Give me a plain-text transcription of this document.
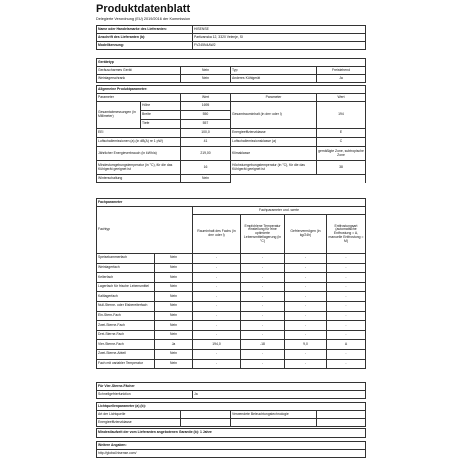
Produktdatenblatt
Delegierte Verordnung (EU) 2019/2016 der Kommission
Name oder Handelsmarke des Lieferanten:	HISENSE
Anschrift des Lieferanten (b):	Partizanska 12, 3320 Velenje, SI
Modellkennung:	FV245N4AW2
Gerätetyp			
Geräuscharmes Gerät	Nein	Typ	Freistehend
Weinlagerschrank	Nein	Anderes Kühlgerät	Ja
Allgemeine Produktparameter:				
Parameter		Wert	Parameter	Wert
Gesamtabmessungen (in Millimeter)	Höhe	1695	Gesamtrauminhalt (in dm³ oder l)	194
	Breite	550		
	Tiefe	557		
EEI		100,0	Energieeffizienzklasse	E
Luftschallemissionen (a) (in dB(A) re 1 pW)		41	Luftschallemissionsklasse (a)	C
Jährlicher Energieverbrauch (in kWh/a)		219,00	Klimaklasse	gemäßigte Zone, subtropische Zone
Mindestumgebungstemperatur (in °C), für die das Kühlgerät geeignet ist		16	Höchstumgebungstemperatur (in °C), für die das Kühlgerät geeignet ist	38
Winterschaltung		Nein		
Fachparameter					
Fachtyp		Fachparameter und -werte			
		Rauminhalt des Fachs (in dm³ oder l)	Empfohlene Temperatur einstellung für eine optimierte Lebensmittellagerung (in °C)	Gefriervermögen (in kg/24h)	Entfrostungsart (automatische Entfrostung = A, manuelle Entfrostung = M)
Speisekammerfach	Nein	-	-	-	-
Weinlagerfach	Nein	-	-	-	-
Kellerfach	Nein	-	-	-	-
Lagerfach für frische Lebensmittel	Nein	-	-	-	-
Kaltlagerfach	Nein	-	-	-	-
Null-Sterne- oder Eisbereiterfach	Nein	-	-	-	-
Ein-Stern-Fach	Nein	-	-	-	-
Zwei-Sterne-Fach	Nein	-	-	-	-
Drei-Sterne-Fach	Nein	-	-	-	-
Vier-Sterne-Fach	Ja	194,0	-18	9,0	A
Zwei-Sterne-Abteil	Nein	-	-	-	-
Fach mit variabler Temperatur	Nein	-	-	-	-
Für Vier-Sterne-Fächer
Schnellgefrierfunktion	Ja
Lichtquellenparameter (a) (b):			
Art der Lichtquelle		Verwendete Beleuchtungstechnologie	
Energieeffizienzklasse			
Mindestlaufzeit der vom Lieferanten angebotenen Garantie (b): 1 Jahre
Weitere Angaben:
http://global.hisense.com/
